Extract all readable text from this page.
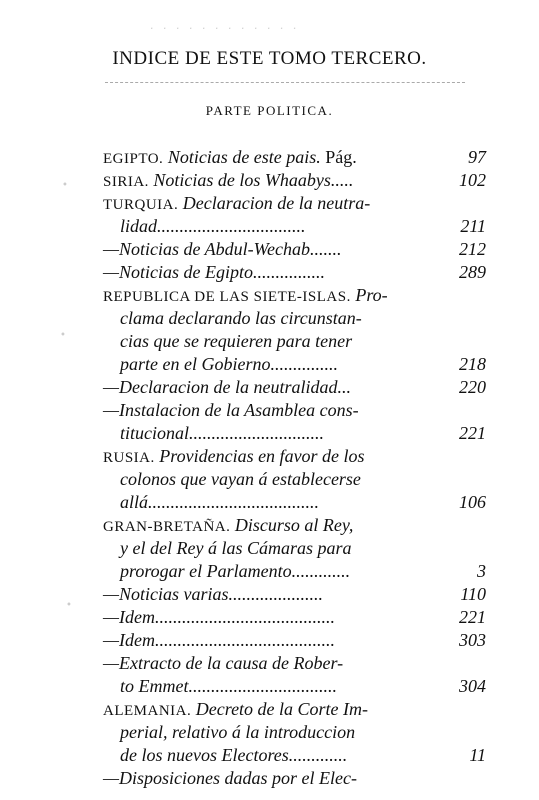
· · · · · · · · · · · ·
INDICE DE ESTE TOMO TERCERO.
PARTE POLITICA.
EGIPTO. Noticias de este pais. Pág.	97
SIRIA. Noticias de los Whaabys.....	102
TURQUIA. Declaracion de la neutra-
lidad.................................	211
—Noticias de Abdul-Wechab.......	212
—Noticias de Egipto................	289
REPUBLICA DE LAS SIETE-ISLAS. Pro-
clama declarando las circunstan-
cias que se requieren para tener
parte en el Gobierno...............	218
—Declaracion de la neutralidad...	220
—Instalacion de la Asamblea cons-
titucional..............................	221
RUSIA. Providencias en favor de los
colonos que vayan á establecerse
allá......................................	106
GRAN-BRETAÑA. Discurso al Rey,
y el del Rey á las Cámaras para
prorogar el Parlamento.............	3
—Noticias varias.....................	110
—Idem........................................	221
—Idem........................................	303
—Extracto de la causa de Rober-
to Emmet.................................	304
ALEMANIA. Decreto de la Corte Im-
perial, relativo á la introduccion
de los nuevos Electores.............	11
—Disposiciones dadas por el Elec-
•
•
•
